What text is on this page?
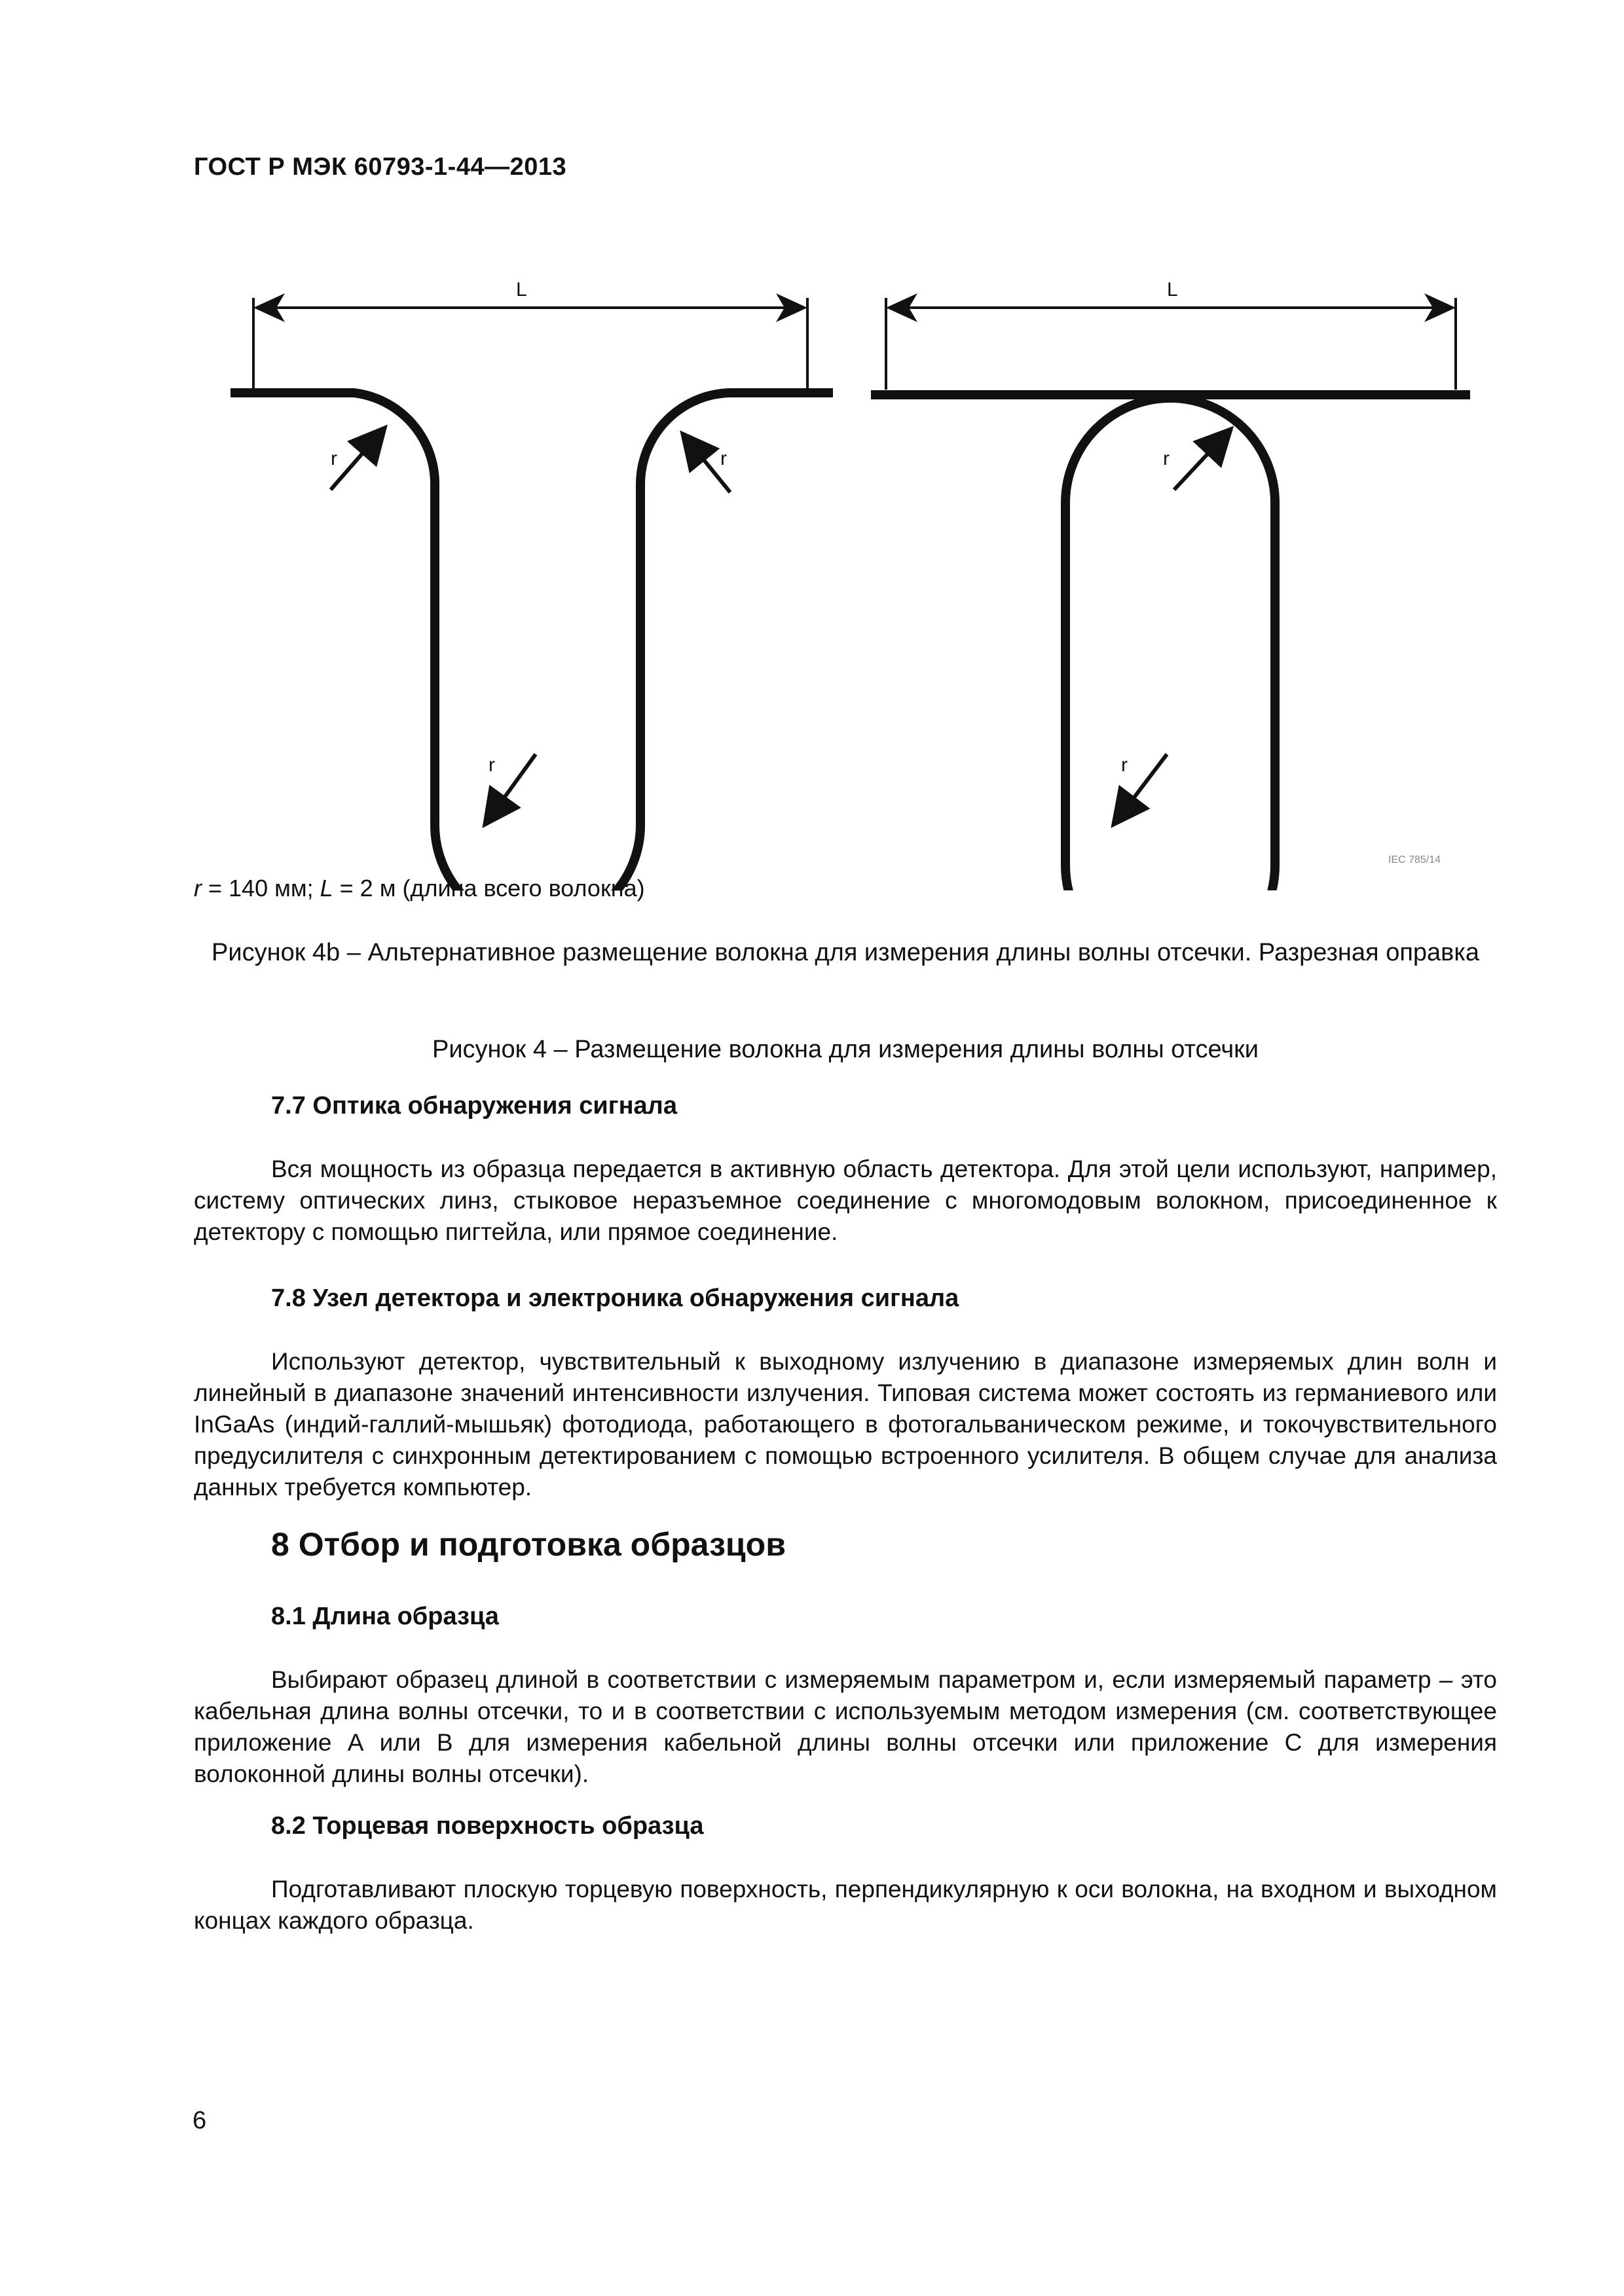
ГОСТ Р МЭК 60793-1-44—2013
L
r	r
r
L
r
r
IEC 785/14
r = 140 мм; L = 2 м (длина всего волокна)
Рисунок 4b – Альтернативное размещение волокна для измерения длины волны отсечки. Разрезная оправка
Рисунок 4 – Размещение волокна для измерения длины волны отсечки
7.7 Оптика обнаружения сигнала
Вся мощность из образца передается в активную область детектора. Для этой цели используют, например, систему оптических линз, стыковое неразъемное соединение с многомодовым волокном, присоединенное к детектору с помощью пигтейла, или прямое соединение.
7.8 Узел детектора и электроника обнаружения сигнала
Используют детектор, чувствительный к выходному излучению в диапазоне измеряемых длин волн и линейный в диапазоне значений интенсивности излучения. Типовая система может состоять из германиевого или InGaAs (индий-галлий-мышьяк) фотодиода, работающего в фотогальваническом режиме, и токочувствительного предусилителя с синхронным детектированием с помощью встроенного усилителя. В общем случае для анализа данных требуется компьютер.
8 Отбор и подготовка образцов
8.1 Длина образца
Выбирают образец длиной в соответствии с измеряемым параметром и, если измеряемый параметр – это кабельная длина волны отсечки, то и в соответствии с используемым методом измерения (см. соответствующее приложение А или В для измерения кабельной длины волны отсечки или приложение С для измерения волоконной длины волны отсечки).
8.2 Торцевая поверхность образца
Подготавливают плоскую торцевую поверхность, перпендикулярную к оси волокна, на входном и выходном концах каждого образца.
6
